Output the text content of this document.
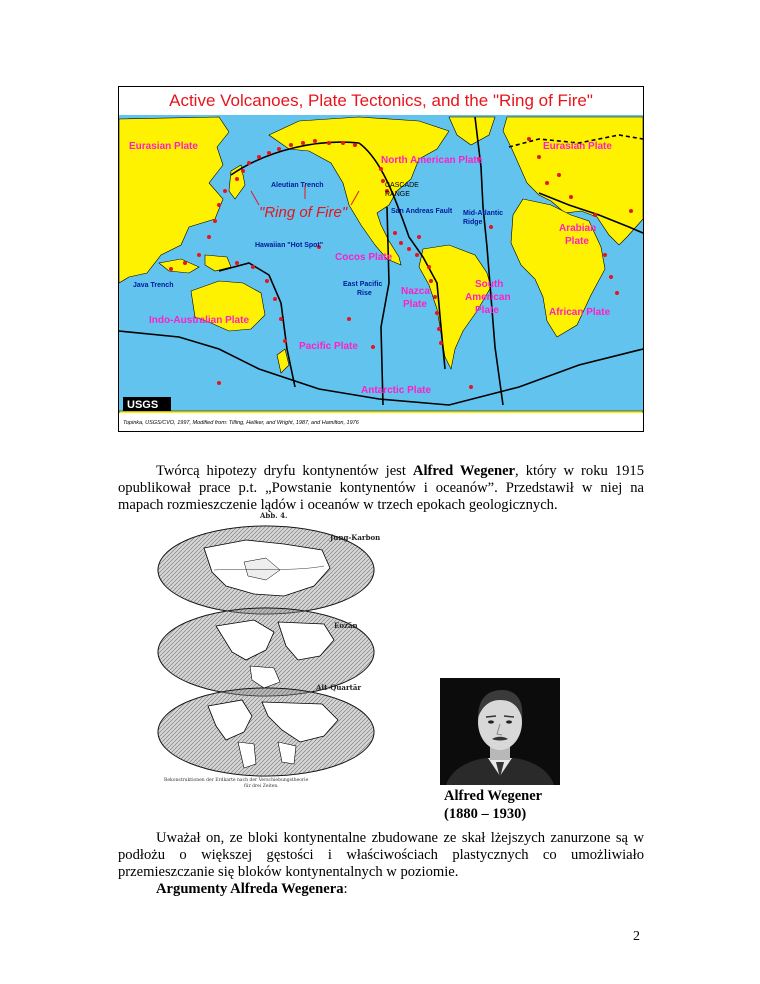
Active Volcanoes, Plate Tectonics, and the "Ring of Fire"
Eurasian Plate	Eurasian Plate
North American Plate
Arabian
Plate
Cocos Plate
Nazca
Plate
South
American
Plate	African Plate
Indo-Australian Plate
Pacific Plate
Antarctic Plate
Aleutian Trench	CASCADE
RANGE
San Andreas Fault Mid-Atlantic
Ridge
Hawaiian "Hot Spot"
Java Trench	East Pacific
Rise
"Ring of Fire"
USGS
Topinka, USGS/CVO, 1997, Modified from: Tilling, Heliker, and Wright, 1987, and Hamilton, 1976

Twórcą hipotezy dryfu kontynentów jest Alfred Wegener, który w roku 1915 opublikował prace p.t. „Powstanie kontynentów i oceanów”. Przedstawił w niej na mapach rozmieszczenie lądów i oceanów w trzech epokach geologicznych.

Abb. 4.
Jung-Karbon
Eozän
Alt-Quartär
Rekonstruktionen der Erdkarte nach der Verschiebungstheorie
für drei Zeiten.
Alfred Wegener
(1880 – 1930)

Uważał on, ze bloki kontynentalne zbudowane ze skał lżejszych zanurzone są w podłożu o większej gęstości i właściwościach plastycznych co umożliwiało przemieszczanie się bloków kontynentalnych w poziomie.

Argumenty Alfreda Wegenera:

2
